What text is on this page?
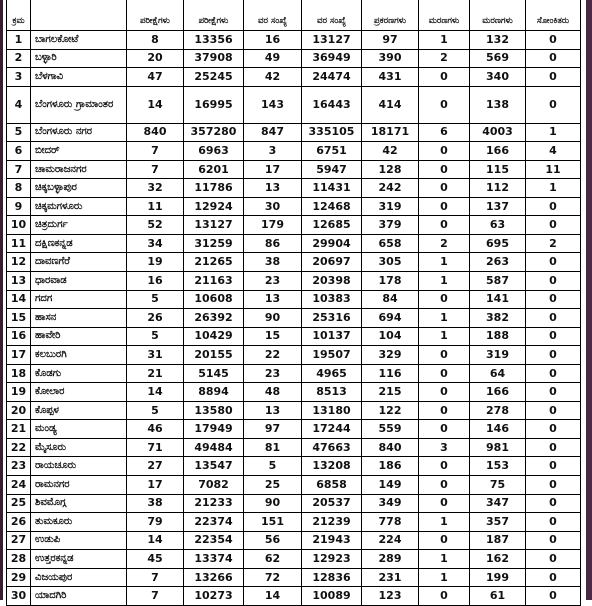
ಕ್ರಮ		ಪರೀಕ್ಷೆಗಳು	ಪರೀಕ್ಷೆಗಳು	ವರ ಸಂಖ್ಯೆ	ವರ ಸಂಖ್ಯೆ	ಪ್ರಕರಣಗಳು	ಮರಣಗಳು	ಮರಣಗಳು	ಸೋಂಕಿತರು
1	ಬಾಗಲಕೋಟೆ	8	13356	16	13127	97	1	132	0
2	ಬಳ್ಳಾರಿ	20	37908	49	36949	390	2	569	0
3	ಬೆಳಗಾವಿ	47	25245	42	24474	431	0	340	0
4	ಬೆಂಗಳೂರು ಗ್ರಾಮಾಂತರ	14	16995	143	16443	414	0	138	0
5	ಬೆಂಗಳೂರು ನಗರ	840	357280	847	335105	18171	6	4003	1
6	ಬೀದರ್	7	6963	3	6751	42	0	166	4
7	ಚಾಮರಾಜನಗರ	7	6201	17	5947	128	0	115	11
8	ಚಿಕ್ಕಬಳ್ಳಾಪುರ	32	11786	13	11431	242	0	112	1
9	ಚಿಕ್ಕಮಗಳೂರು	11	12924	30	12468	319	0	137	0
10	ಚಿತ್ರದುರ್ಗ	52	13127	179	12685	379	0	63	0
11	ದಕ್ಷಿಣಕನ್ನಡ	34	31259	86	29904	658	2	695	2
12	ದಾವಣಗೆರೆ	19	21265	38	20697	305	1	263	0
13	ಧಾರವಾಡ	16	21163	23	20398	178	1	587	0
14	ಗದಗ	5	10608	13	10383	84	0	141	0
15	ಹಾಸನ	26	26392	90	25316	694	1	382	0
16	ಹಾವೇರಿ	5	10429	15	10137	104	1	188	0
17	ಕಲಬುರಗಿ	31	20155	22	19507	329	0	319	0
18	ಕೊಡಗು	21	5145	23	4965	116	0	64	0
19	ಕೋಲಾರ	14	8894	48	8513	215	0	166	0
20	ಕೊಪ್ಪಳ	5	13580	13	13180	122	0	278	0
21	ಮಂಡ್ಯ	46	17949	97	17244	559	0	146	0
22	ಮೈಸೂರು	71	49484	81	47663	840	3	981	0
23	ರಾಯಚೂರು	27	13547	5	13208	186	0	153	0
24	ರಾಮನಗರ	17	7082	25	6858	149	0	75	0
25	ಶಿವಮೊಗ್ಗ	38	21233	90	20537	349	0	347	0
26	ತುಮಕೂರು	79	22374	151	21239	778	1	357	0
27	ಉಡುಪಿ	14	22354	56	21943	224	0	187	0
28	ಉತ್ತರಕನ್ನಡ	45	13374	62	12923	289	1	162	0
29	ವಿಜಯಪುರ	7	13266	72	12836	231	1	199	0
30	ಯಾದಗಿರಿ	7	10273	14	10089	123	0	61	0
